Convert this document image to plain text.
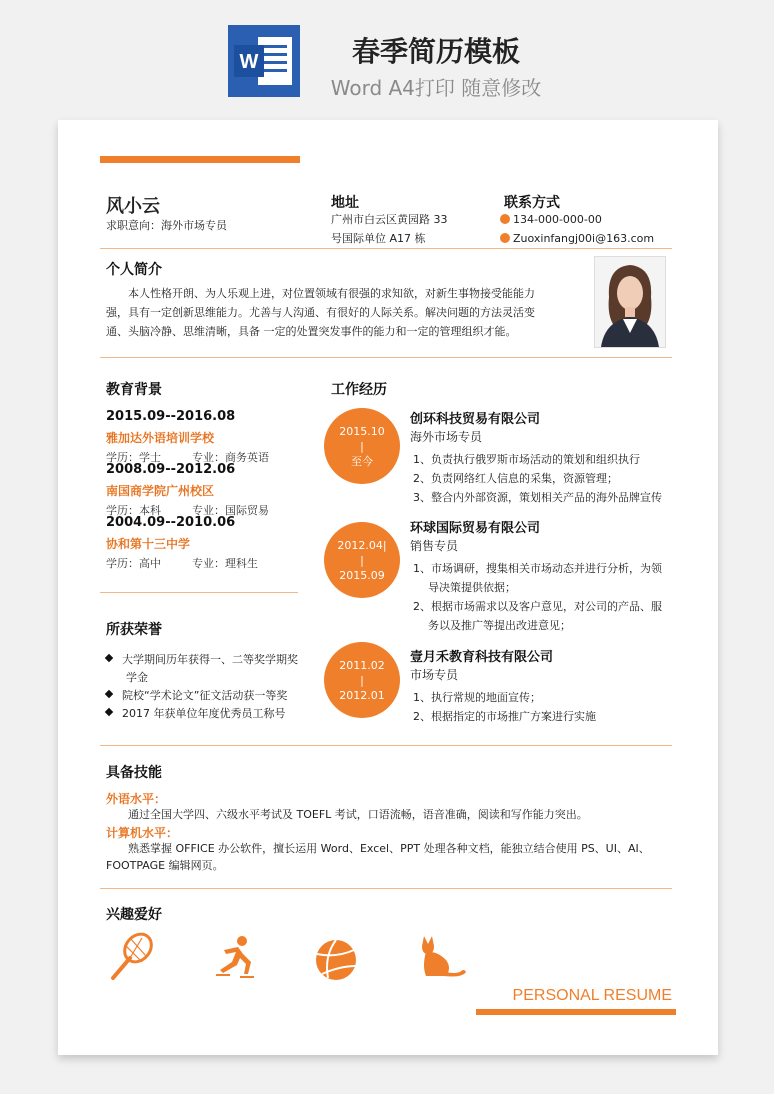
W	春季简历模板
Word A4打印 随意修改
风小云
求职意向：海外市场专员
地址
广州市白云区黄园路 33
号国际单位 A17 栋
联系方式
134-000-000-00
Zuoxinfangj00i@163.com
个人简介
本人性格开朗、为人乐观上进，对位置领域有很强的求知欲，对新生事物接受能能力
强，具有一定创新思维能力。尤善与人沟通、有很好的人际关系。解决问题的方法灵活变
通、头脑冷静、思维清晰，具备 一定的处置突发事件的能力和一定的管理组织才能。
教育背景
2015.09--2016.08
雅加达外语培训学校
学历：学士	专业：商务英语
2008.09--2012.06
南国商学院广州校区
学历：本科	专业：国际贸易
2004.09--2010.06
协和第十三中学
学历：高中	专业：理科生
所获荣誉
大学期间历年获得一、二等奖学期奖
学金
院校“学术论文”征文活动获一等奖
2017 年获单位年度优秀员工称号
工作经历
2015.10
|
至今
创环科技贸易有限公司
海外市场专员
1、负责执行俄罗斯市场活动的策划和组织执行
2、负责网络红人信息的采集，资源管理；
3、整合内外部资源，策划相关产品的海外品牌宣传
2012.04|
|
2015.09
环球国际贸易有限公司
销售专员
1、市场调研，搜集相关市场动态并进行分析，为领
导决策提供依据；
2、根据市场需求以及客户意见，对公司的产品、服
务以及推广等提出改进意见；
2011.02
|
2012.01
壹月禾教育科技有限公司
市场专员
1、执行常规的地面宣传；
2、根据指定的市场推广方案进行实施
具备技能
外语水平：
通过全国大学四、六级水平考试及 TOEFL 考试，口语流畅，语音准确，阅读和写作能力突出。
计算机水平：
熟悉掌握 OFFICE 办公软件，擅长运用 Word、Excel、PPT 处理各种文档，能独立结合使用 PS、UI、AI、
FOOTPAGE 编辑网页。
兴趣爱好
PERSONAL RESUME
